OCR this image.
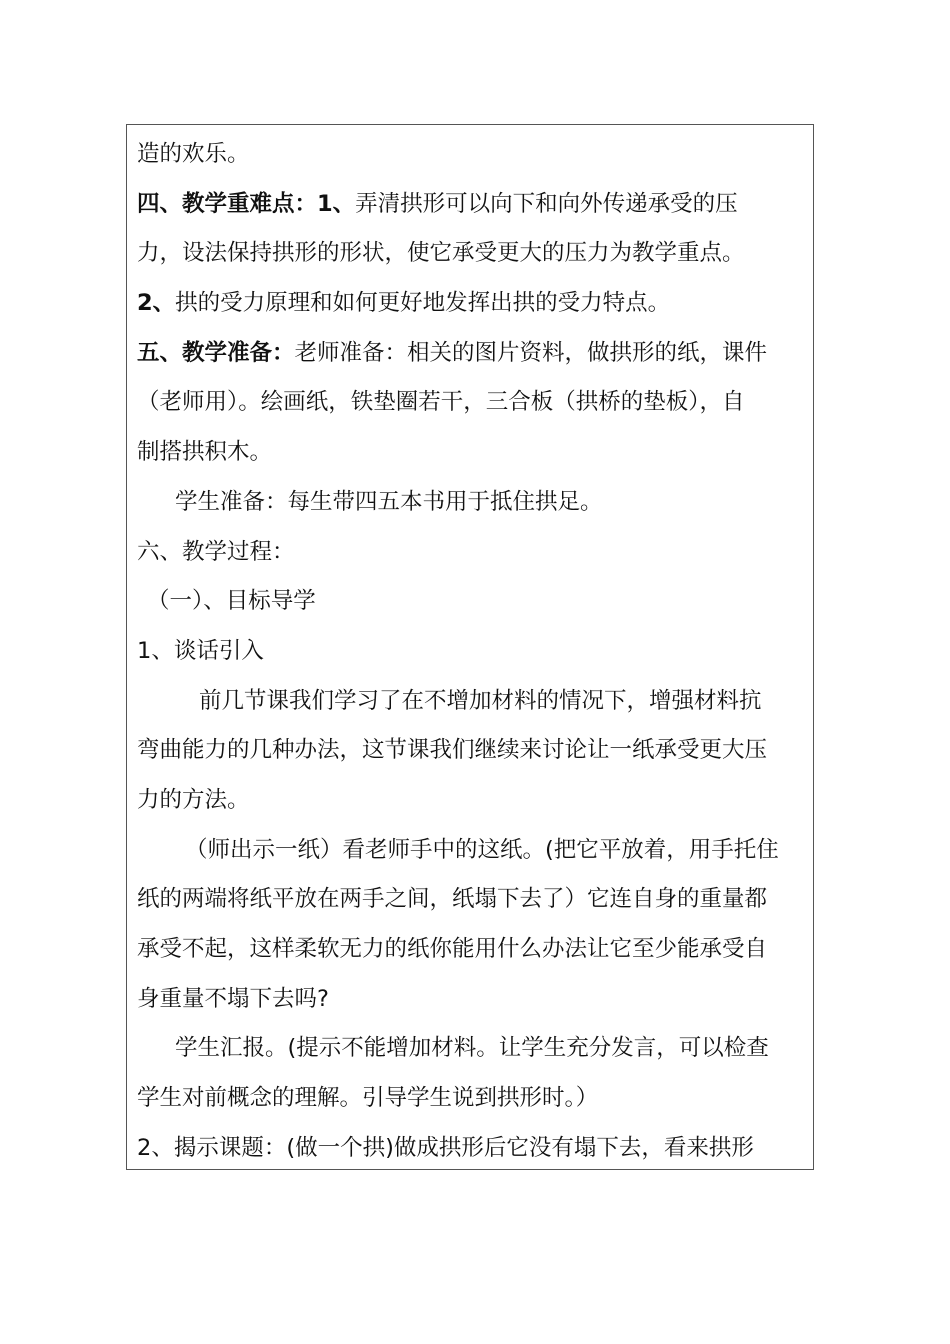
造的欢乐。
四、教学重难点：1、弄清拱形可以向下和向外传递承受的压
力，设法保持拱形的形状，使它承受更大的压力为教学重点。
2、拱的受力原理和如何更好地发挥出拱的受力特点。
五、教学准备：老师准备：相关的图片资料，做拱形的纸，课件
（老师用）。绘画纸，铁垫圈若干，三合板（拱桥的垫板），自
制搭拱积木。
学生准备：每生带四五本书用于抵住拱足。
六、教学过程：
（一）、目标导学
1、谈话引入
前几节课我们学习了在不增加材料的情况下，增强材料抗
弯曲能力的几种办法，这节课我们继续来讨论让一纸承受更大压
力的方法。
（师出示一纸）看老师手中的这纸。(把它平放着，用手托住
纸的两端将纸平放在两手之间，纸塌下去了）它连自身的重量都
承受不起，这样柔软无力的纸你能用什么办法让它至少能承受自
身重量不塌下去吗?
学生汇报。(提示不能增加材料。让学生充分发言，可以检查
学生对前概念的理解。引导学生说到拱形时。）
2、揭示课题：(做一个拱)做成拱形后它没有塌下去，看来拱形
